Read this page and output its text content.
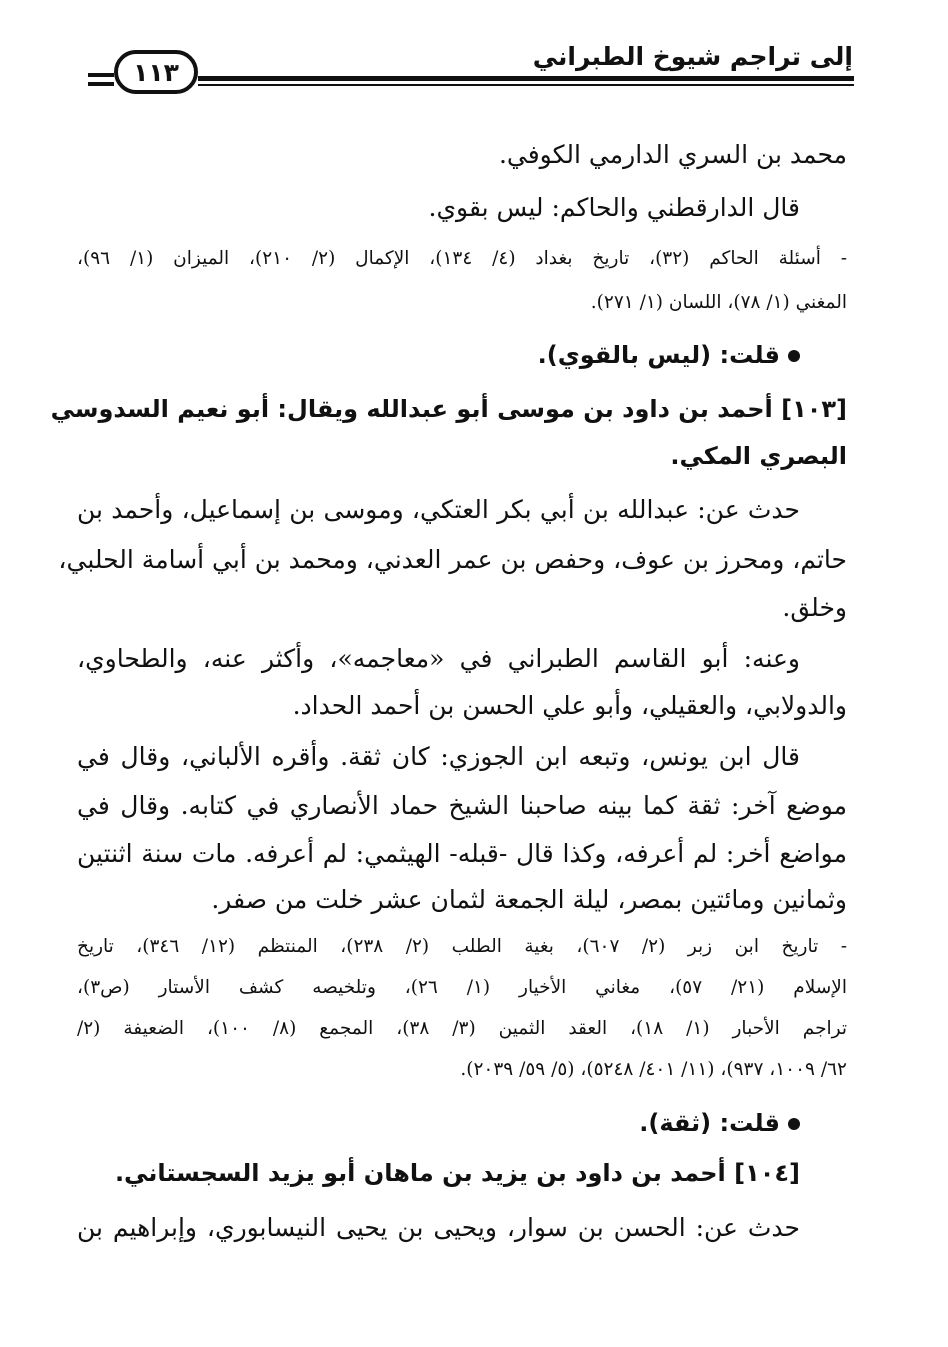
إلى تراجم شيوخ الطبراني
١١٣
محمد بن السري الدارمي الكوفي.
قال الدارقطني والحاكم: ليس بقوي.
- أسئلة الحاكم (٣٢)، تاريخ بغداد (٤/ ١٣٤)، الإكمال (٢/ ٢١٠)، الميزان (١/ ٩٦)،
المغني (١/ ٧٨)، اللسان (١/ ٢٧١).
قلت: (ليس بالقوي).
[١٠٣] أحمد بن داود بن موسى أبو عبدالله ويقال: أبو نعيم السدوسي
البصري المكي.
حدث عن: عبدالله بن أبي بكر العتكي، وموسى بن إسماعيل، وأحمد بن
حاتم، ومحرز بن عوف، وحفص بن عمر العدني، ومحمد بن أبي أسامة الحلبي،
وخلق.
وعنه: أبو القاسم الطبراني في «معاجمه»، وأكثر عنه، والطحاوي،
والدولابي، والعقيلي، وأبو علي الحسن بن أحمد الحداد.
قال ابن يونس، وتبعه ابن الجوزي: كان ثقة. وأقره الألباني، وقال في
موضع آخر: ثقة كما بينه صاحبنا الشيخ حماد الأنصاري في كتابه. وقال في
مواضع أخر: لم أعرفه، وكذا قال -قبله- الهيثمي: لم أعرفه. مات سنة اثنتين
وثمانين ومائتين بمصر، ليلة الجمعة لثمان عشر خلت من صفر.
- تاريخ ابن زبر (٢/ ٦٠٧)، بغية الطلب (٢/ ٢٣٨)، المنتظم (١٢/ ٣٤٦)، تاريخ
الإسلام (٢١/ ٥٧)، مغاني الأخيار (١/ ٢٦)، وتلخيصه كشف الأستار (ص٣)،
تراجم الأحبار (١/ ١٨)، العقد الثمين (٣/ ٣٨)، المجمع (٨/ ١٠٠)، الضعيفة (٢/
٦٢/ ١٠٠٩، ٩٣٧)، (١١/ ٤٠١/ ٥٢٤٨)، (٥/ ٥٩/ ٢٠٣٩).
قلت: (ثقة).
[١٠٤] أحمد بن داود بن يزيد بن ماهان أبو يزيد السجستاني.
حدث عن: الحسن بن سوار، ويحيى بن يحيى النيسابوري، وإبراهيم بن
